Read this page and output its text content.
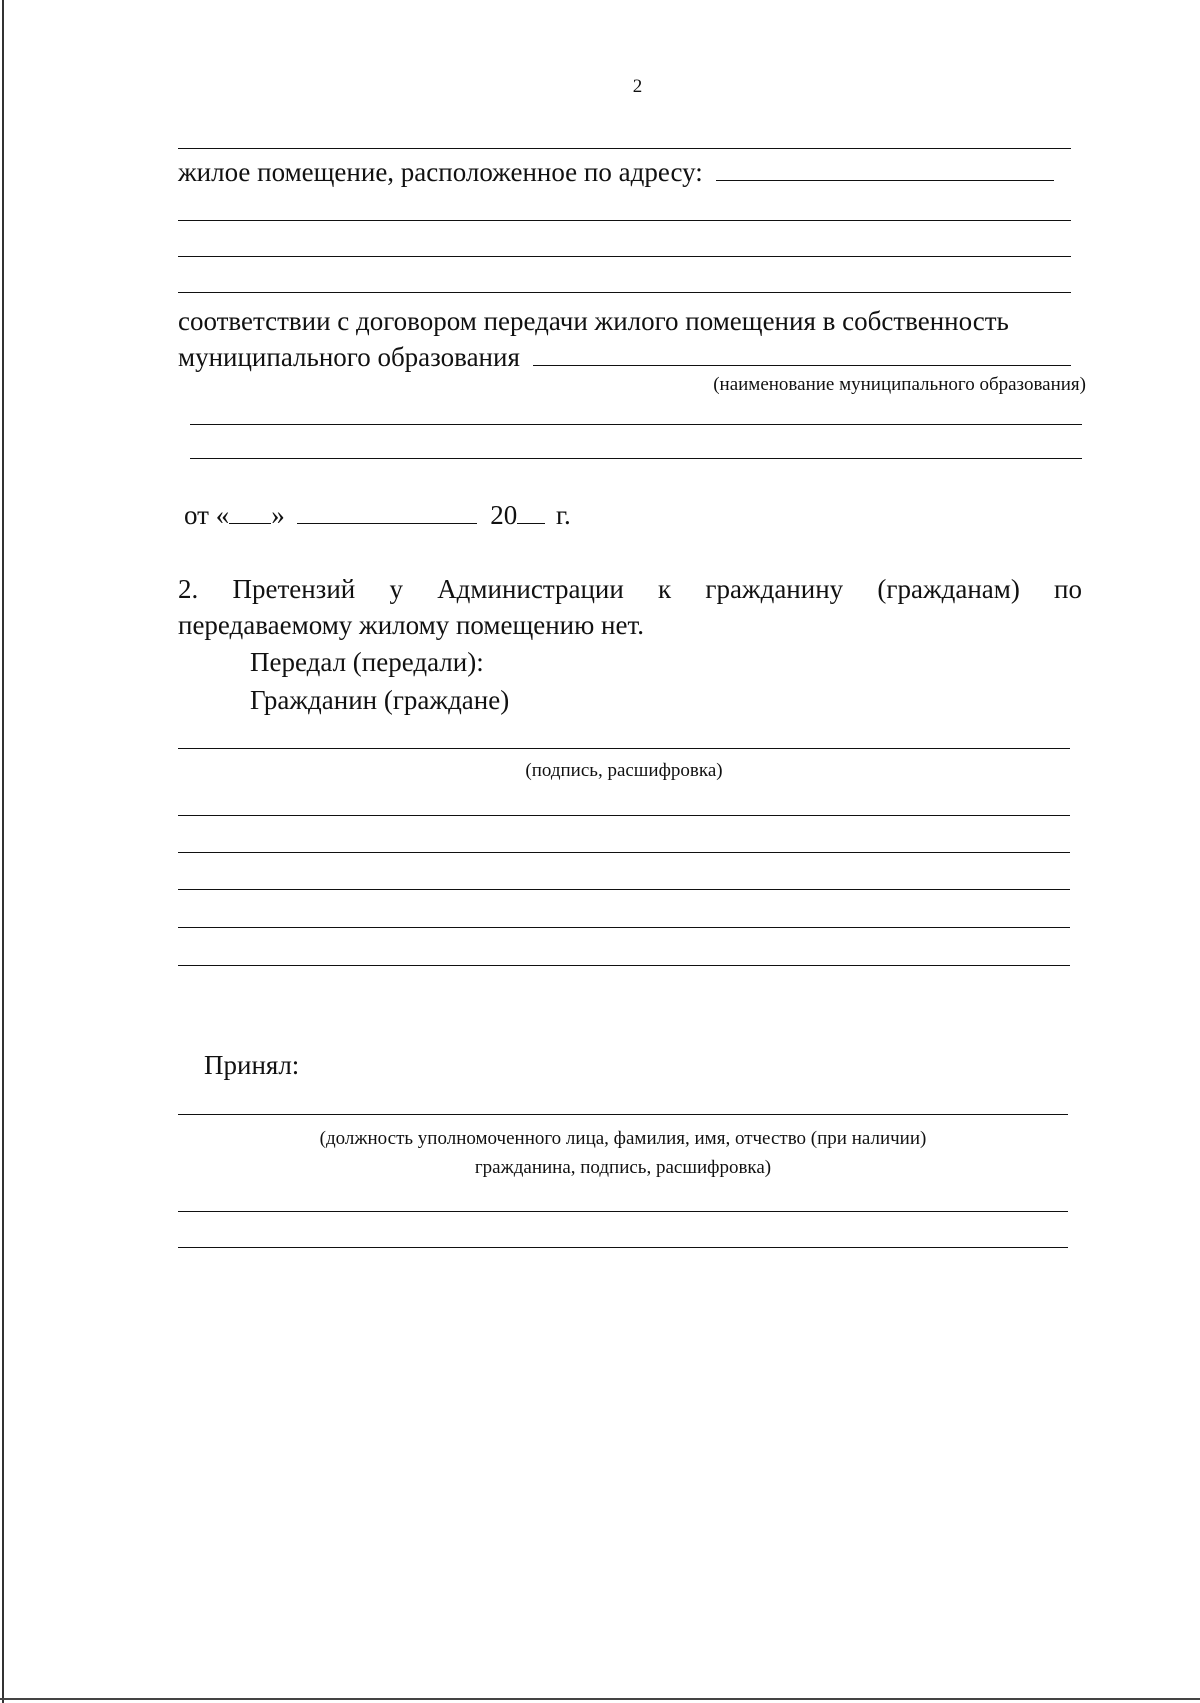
2
жилое помещение, расположенное по адресу:
соответствии с договором передачи жилого помещения в собственность
муниципального образования
(наименование муниципального образования)
от « »	20 г.
2. Претензий у Администрации к гражданину (гражданам) по
передаваемому жилому помещению нет.
Передал (передали):
Гражданин (граждане)
(подпись, расшифровка)
Принял:
(должность уполномоченного лица, фамилия, имя, отчество (при наличии)
гражданина, подпись, расшифровка)
